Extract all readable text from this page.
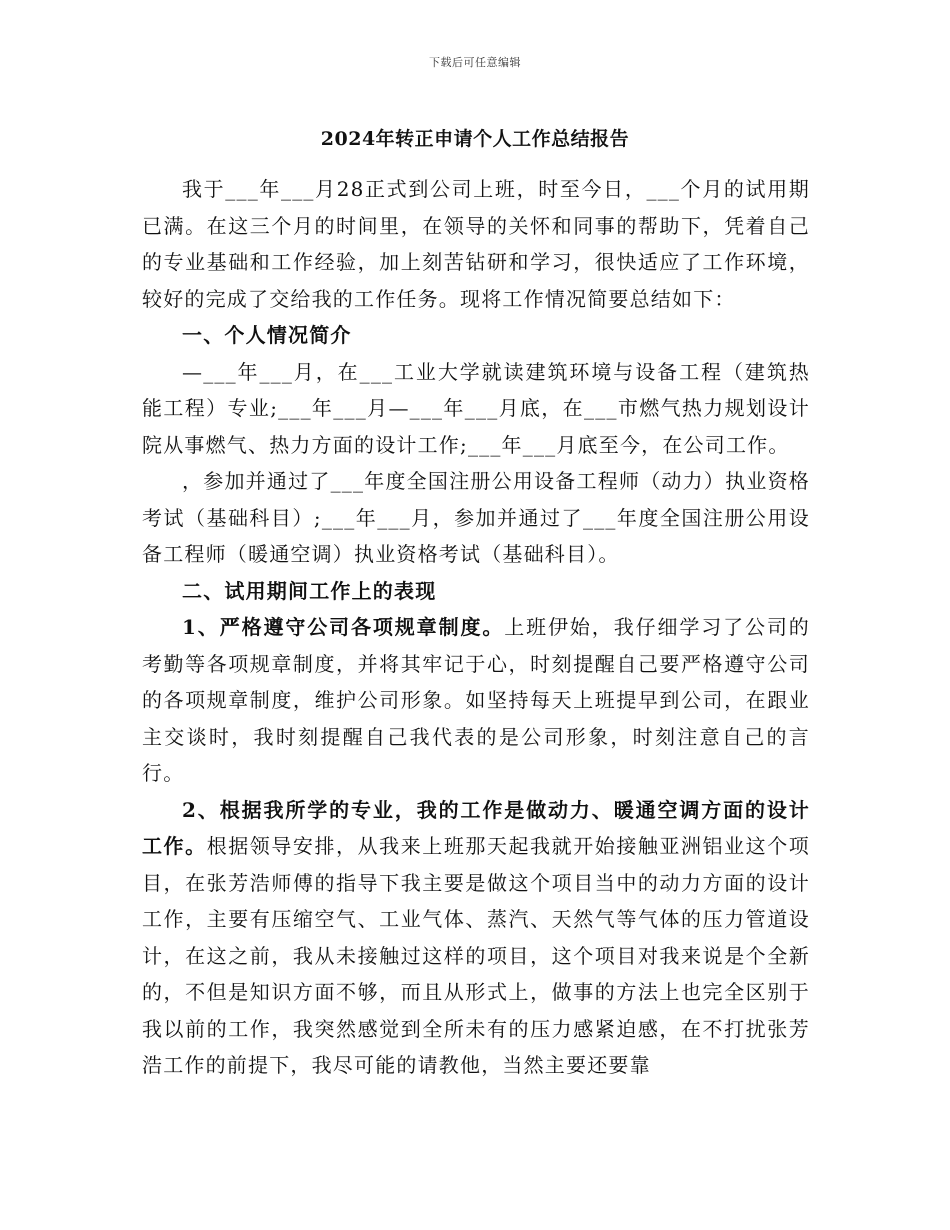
下载后可任意编辑
2024年转正申请个人工作总结报告

我于___年___月28正式到公司上班，时至今日，___个月的试用期已满。在这三个月的时间里，在领导的关怀和同事的帮助下，凭着自己的专业基础和工作经验，加上刻苦钻研和学习，很快适应了工作环境，较好的完成了交给我的工作任务。现将工作情况简要总结如下：

一、个人情况简介

—___年___月，在___工业大学就读建筑环境与设备工程（建筑热能工程）专业;___年___月—___年___月底，在___市燃气热力规划设计院从事燃气、热力方面的设计工作;___年___月底至今，在公司工作。

，参加并通过了___年度全国注册公用设备工程师（动力）执业资格考试（基础科目）;___年___月，参加并通过了___年度全国注册公用设备工程师（暖通空调）执业资格考试（基础科目）。

二、试用期间工作上的表现

1、严格遵守公司各项规章制度。上班伊始，我仔细学习了公司的考勤等各项规章制度，并将其牢记于心，时刻提醒自己要严格遵守公司的各项规章制度，维护公司形象。如坚持每天上班提早到公司，在跟业主交谈时，我时刻提醒自己我代表的是公司形象，时刻注意自己的言行。

2、根据我所学的专业，我的工作是做动力、暖通空调方面的设计工作。根据领导安排，从我来上班那天起我就开始接触亚洲铝业这个项目，在张芳浩师傅的指导下我主要是做这个项目当中的动力方面的设计工作，主要有压缩空气、工业气体、蒸汽、天然气等气体的压力管道设计，在这之前，我从未接触过这样的项目，这个项目对我来说是个全新的，不但是知识方面不够，而且从形式上，做事的方法上也完全区别于我以前的工作，我突然感觉到全所未有的压力感紧迫感，在不打扰张芳浩工作的前提下，我尽可能的请教他，当然主要还要靠
